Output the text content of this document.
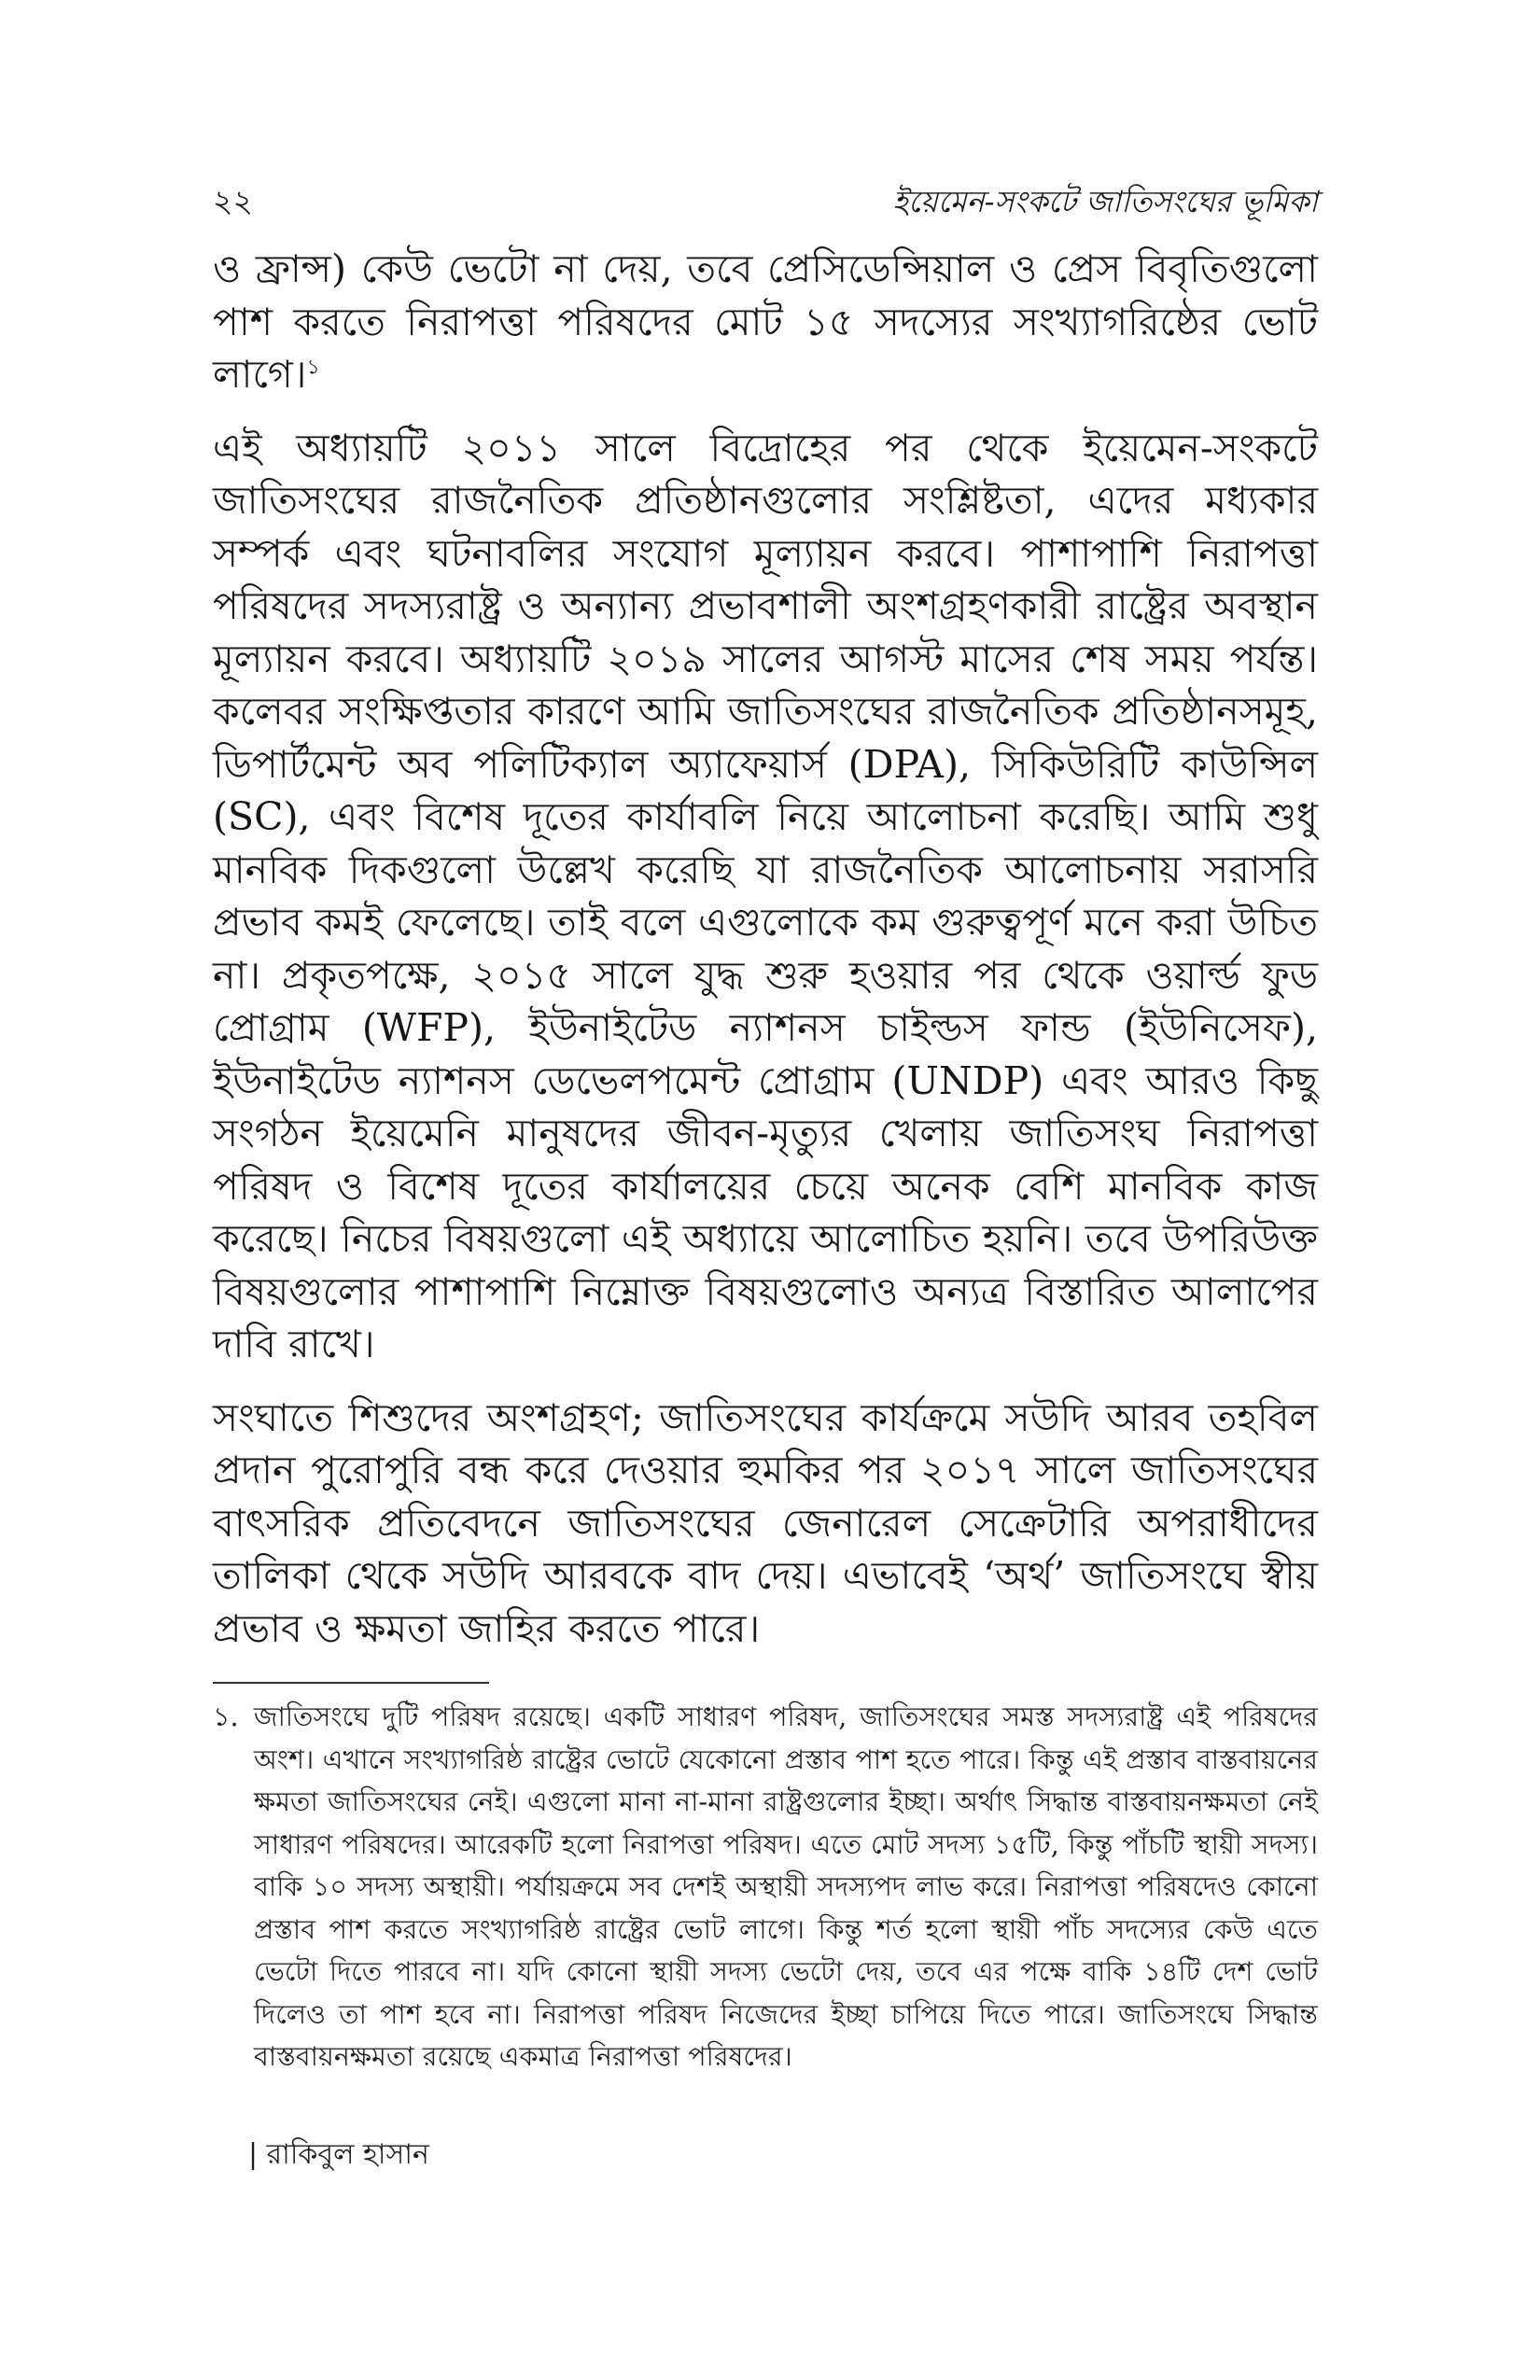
২২	ইয়েমেন-সংকটে জাতিসংঘের ভূমিকা

ও ফ্রান্স) কেউ ভেটো না দেয়, তবে প্রেসিডেন্সিয়াল ও প্রেস বিবৃতিগুলো পাশ করতে নিরাপত্তা পরিষদের মোট ১৫ সদস্যের সংখ্যাগরিষ্ঠের ভোট লাগে।$^১$

এই অধ্যায়টি ২০১১ সালে বিদ্রোহের পর থেকে ইয়েমেন-সংকটে জাতিসংঘের রাজনৈতিক প্রতিষ্ঠানগুলোর সংশ্লিষ্টতা, এদের মধ্যকার সম্পর্ক এবং ঘটনাবলির সংযোগ মূল্যায়ন করবে। পাশাপাশি নিরাপত্তা পরিষদের সদস্যরাষ্ট্র ও অন্যান্য প্রভাবশালী অংশগ্রহণকারী রাষ্ট্রের অবস্থান মূল্যায়ন করবে। অধ্যায়টি ২০১৯ সালের আগস্ট মাসের শেষ সময় পর্যন্ত। কলেবর সংক্ষিপ্ততার কারণে আমি জাতিসংঘের রাজনৈতিক প্রতিষ্ঠানসমূহ, ডিপার্টমেন্ট অব পলিটিক্যাল অ্যাফেয়ার্স (DPA), সিকিউরিটি কাউন্সিল (SC), এবং বিশেষ দূতের কার্যাবলি নিয়ে আলোচনা করেছি। আমি শুধু মানবিক দিকগুলো উল্লেখ করেছি যা রাজনৈতিক আলোচনায় সরাসরি প্রভাব কমই ফেলেছে। তাই বলে এগুলোকে কম গুরুত্বপূর্ণ মনে করা উচিত না। প্রকৃতপক্ষে, ২০১৫ সালে যুদ্ধ শুরু হওয়ার পর থেকে ওয়ার্ল্ড ফুড প্রোগ্রাম (WFP), ইউনাইটেড ন্যাশনস চাইল্ডস ফান্ড (ইউনিসেফ), ইউনাইটেড ন্যাশনস ডেভেলপমেন্ট প্রোগ্রাম (UNDP) এবং আরও কিছু সংগঠন ইয়েমেনি মানুষদের জীবন-মৃত্যুর খেলায় জাতিসংঘ নিরাপত্তা পরিষদ ও বিশেষ দূতের কার্যালয়ের চেয়ে অনেক বেশি মানবিক কাজ করেছে। নিচের বিষয়গুলো এই অধ্যায়ে আলোচিত হয়নি। তবে উপরিউক্ত বিষয়গুলোর পাশাপাশি নিম্নোক্ত বিষয়গুলোও অন্যত্র বিস্তারিত আলাপের দাবি রাখে।

সংঘাতে শিশুদের অংশগ্রহণ; জাতিসংঘের কার্যক্রমে সউদি আরব তহবিল প্রদান পুরোপুরি বন্ধ করে দেওয়ার হুমকির পর ২০১৭ সালে জাতিসংঘের বাৎসরিক প্রতিবেদনে জাতিসংঘের জেনারেল সেক্রেটারি অপরাধীদের তালিকা থেকে সউদি আরবকে বাদ দেয়। এভাবেই ‘অর্থ’ জাতিসংঘে স্বীয় প্রভাব ও ক্ষমতা জাহির করতে পারে।

১. জাতিসংঘে দুটি পরিষদ রয়েছে। একটি সাধারণ পরিষদ, জাতিসংঘের সমস্ত সদস্যরাষ্ট্র এই পরিষদের অংশ। এখানে সংখ্যাগরিষ্ঠ রাষ্ট্রের ভোটে যেকোনো প্রস্তাব পাশ হতে পারে। কিন্তু এই প্রস্তাব বাস্তবায়নের ক্ষমতা জাতিসংঘের নেই। এগুলো মানা না-মানা রাষ্ট্রগুলোর ইচ্ছা। অর্থাৎ সিদ্ধান্ত বাস্তবায়নক্ষমতা নেই সাধারণ পরিষদের। আরেকটি হলো নিরাপত্তা পরিষদ। এতে মোট সদস্য ১৫টি, কিন্তু পাঁচটি স্থায়ী সদস্য। বাকি ১০ সদস্য অস্থায়ী। পর্যায়ক্রমে সব দেশই অস্থায়ী সদস্যপদ লাভ করে। নিরাপত্তা পরিষদেও কোনো প্রস্তাব পাশ করতে সংখ্যাগরিষ্ঠ রাষ্ট্রের ভোট লাগে। কিন্তু শর্ত হলো স্থায়ী পাঁচ সদস্যের কেউ এতে ভেটো দিতে পারবে না। যদি কোনো স্থায়ী সদস্য ভেটো দেয়, তবে এর পক্ষে বাকি ১৪টি দেশ ভোট দিলেও তা পাশ হবে না। নিরাপত্তা পরিষদ নিজেদের ইচ্ছা চাপিয়ে দিতে পারে। জাতিসংঘে সিদ্ধান্ত বাস্তবায়নক্ষমতা রয়েছে একমাত্র নিরাপত্তা পরিষদের।

| রাকিবুল হাসান
